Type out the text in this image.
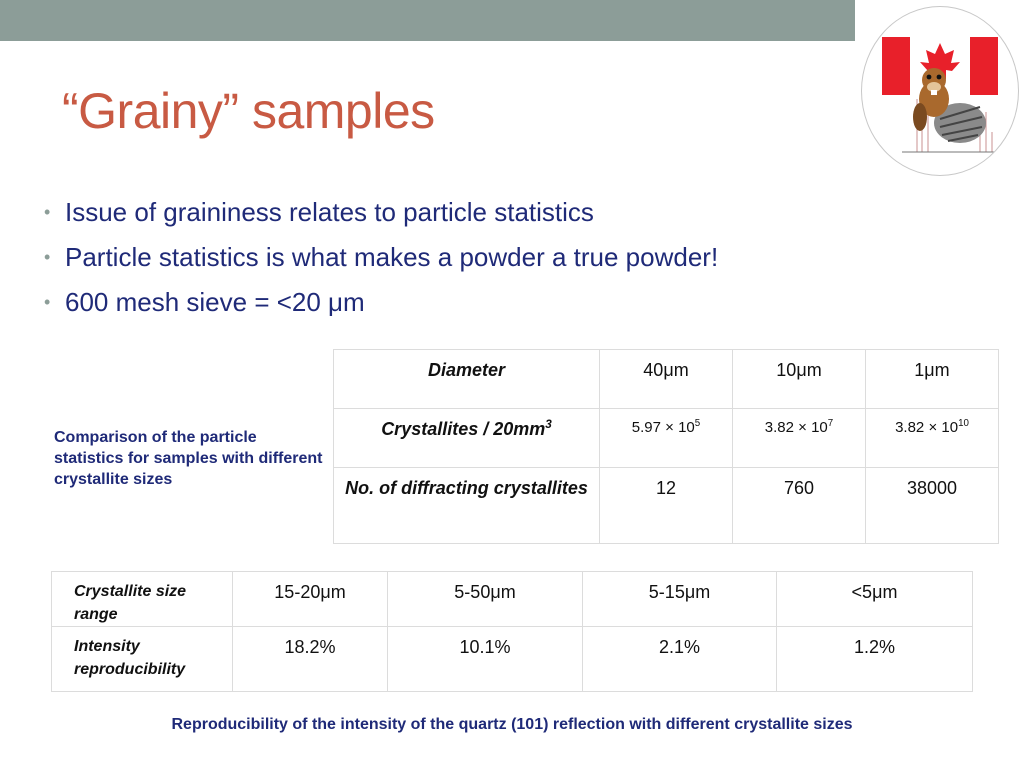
“Grainy” samples
• Issue of graininess relates to particle statistics
• Particle statistics is what makes a powder a true powder!
• 600 mesh sieve = <20 μm
Comparison of the particle statistics for samples with different crystallite sizes
Diameter	40μm	10μm	1μm
Crystallites / $20mm^3$	$5.97 \times 10^5$	$3.82 \times 10^7$	$3.82 \times 10^{10}$
No. of diffracting crystallites	12	760	38000
Crystallite size range	15-20μm	5-50μm	5-15μm	<5μm
Intensity reproducibility	18.2%	10.1%	2.1%	1.2%
Reproducibility of the intensity of the quartz (101) reflection with different crystallite sizes
